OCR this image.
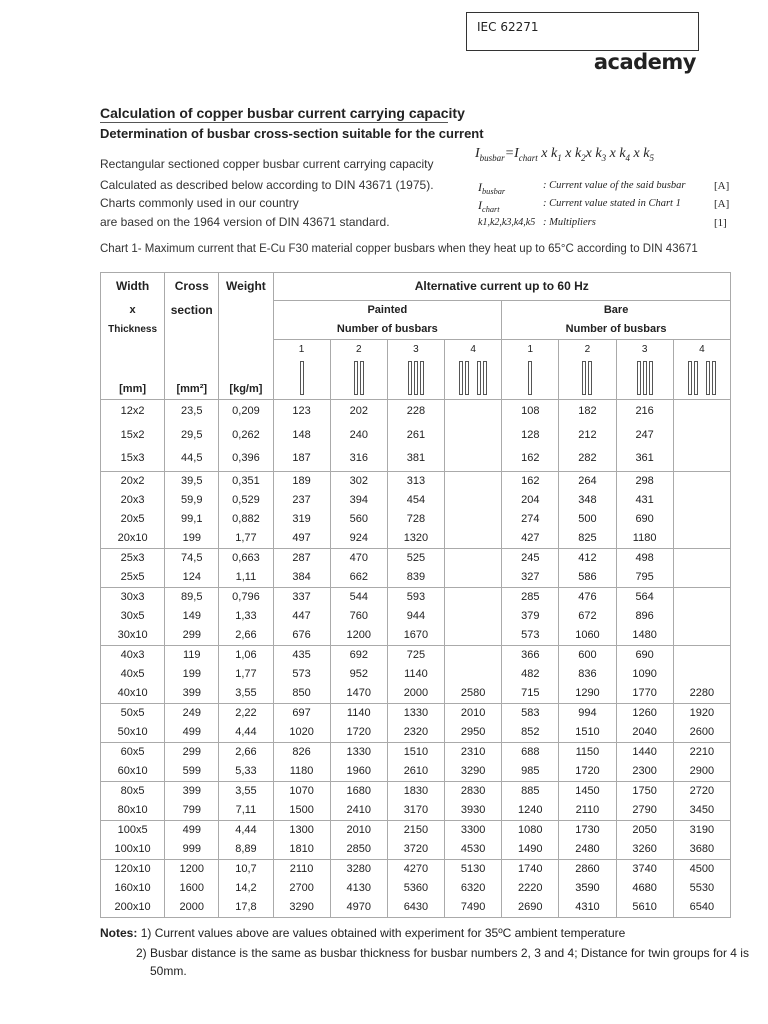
IEC 62271
academy
Calculation of copper busbar current carrying capacity
Determination of busbar cross-section suitable for the current
Rectangular sectioned copper busbar current carrying capacity
Calculated as described below according to DIN 43671 (1975).
Charts commonly used in our country
are based on the 1964 version of DIN 43671 standard.
$I_{busbar}=I_{chart}$ x $k_1$ x $k_2x$ $k_3$ x $k_4$ x $k_5$
$I_{busbar}$
: Current value of the said busbar	[A]
$I_{chart}$
: Current value stated in Chart 1	[A]
k1,k2,k3,k4,k5 : Multipliers	[1]
Chart 1- Maximum current that E-Cu F30 material copper busbars when they heat up to 65°C according to DIN 43671
Width	Cross	Weight	Alternative current up to 60 Hz							
x	section		Painted				Bare			
Thickness			Number of busbars				Number of busbars			
			1	2	3	4	1	2	3	4
[mm]	[mm²]	[kg/m]	

12x2	23,5	0,209	123	202	228		108	182	216	
15x2	29,5	0,262	148	240	261		128	212	247	
15x3	44,5	0,396	187	316	381		162	282	361	
20x2	39,5	0,351	189	302	313		162	264	298	
20x3	59,9	0,529	237	394	454		204	348	431	
20x5	99,1	0,882	319	560	728		274	500	690	
20x10	199	1,77	497	924	1320		427	825	1180	
25x3	74,5	0,663	287	470	525		245	412	498	
25x5	124	1,11	384	662	839		327	586	795	
30x3	89,5	0,796	337	544	593		285	476	564	
30x5	149	1,33	447	760	944		379	672	896	
30x10	299	2,66	676	1200	1670		573	1060	1480	
40x3	119	1,06	435	692	725		366	600	690	
40x5	199	1,77	573	952	1140		482	836	1090	
40x10	399	3,55	850	1470	2000	2580	715	1290	1770	2280
50x5	249	2,22	697	1140	1330	2010	583	994	1260	1920
50x10	499	4,44	1020	1720	2320	2950	852	1510	2040	2600
60x5	299	2,66	826	1330	1510	2310	688	1150	1440	2210
60x10	599	5,33	1180	1960	2610	3290	985	1720	2300	2900
80x5	399	3,55	1070	1680	1830	2830	885	1450	1750	2720
80x10	799	7,11	1500	2410	3170	3930	1240	2110	2790	3450
100x5	499	4,44	1300	2010	2150	3300	1080	1730	2050	3190
100x10	999	8,89	1810	2850	3720	4530	1490	2480	3260	3680
120x10	1200	10,7	2110	3280	4270	5130	1740	2860	3740	4500
160x10	1600	14,2	2700	4130	5360	6320	2220	3590	4680	5530
200x10	2000	17,8	3290	4970	6430	7490	2690	4310	5610	6540
Notes: 1) Current values above are values obtained with experiment for 35ºC ambient temperature
2) Busbar distance is the same as busbar thickness for busbar numbers 2, 3 and 4; Distance for twin groups for 4 is
50mm.
